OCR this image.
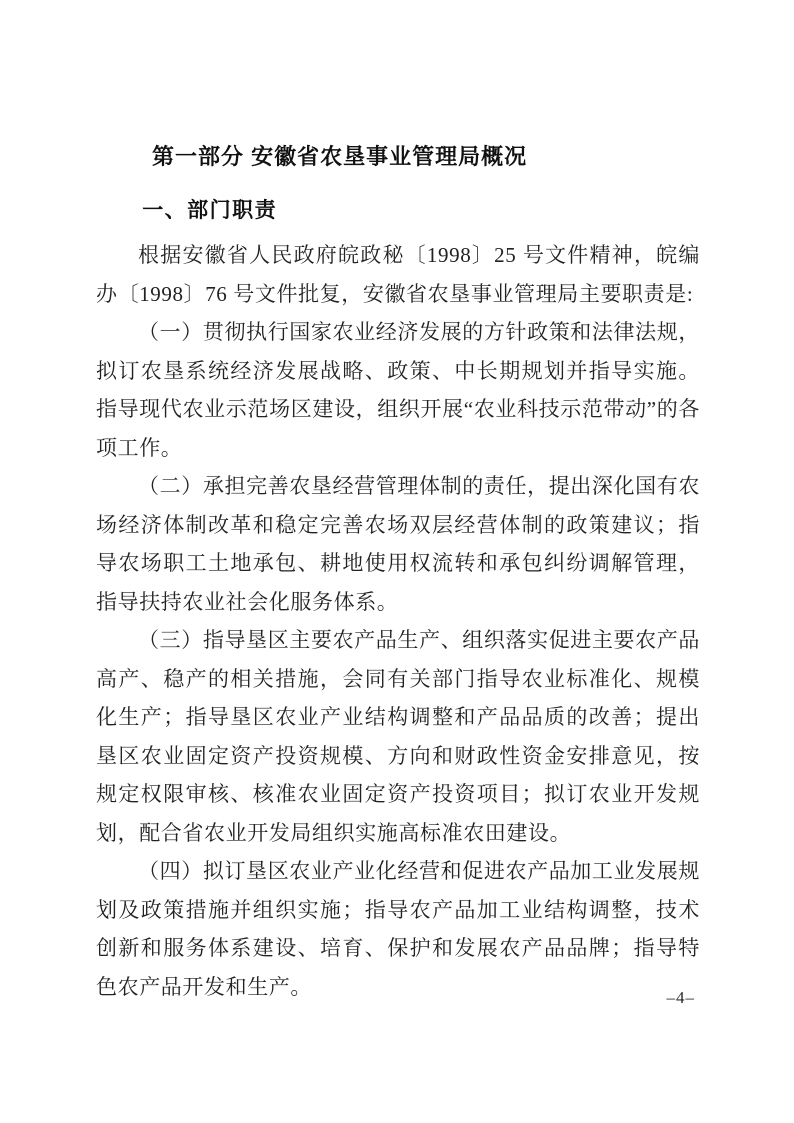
第一部分 安徽省农垦事业管理局概况
一、部门职责

根据安徽省人民政府皖政秘〔1998〕25 号文件精神，皖编办〔1998〕76 号文件批复，安徽省农垦事业管理局主要职责是:

（一）贯彻执行国家农业经济发展的方针政策和法律法规，拟订农垦系统经济发展战略、政策、中长期规划并指导实施。指导现代农业示范场区建设，组织开展“农业科技示范带动”的各项工作。

（二）承担完善农垦经营管理体制的责任，提出深化国有农场经济体制改革和稳定完善农场双层经营体制的政策建议；指导农场职工土地承包、耕地使用权流转和承包纠纷调解管理，指导扶持农业社会化服务体系。

（三）指导垦区主要农产品生产、组织落实促进主要农产品高产、稳产的相关措施，会同有关部门指导农业标准化、规模化生产；指导垦区农业产业结构调整和产品品质的改善；提出垦区农业固定资产投资规模、方向和财政性资金安排意见，按规定权限审核、核准农业固定资产投资项目；拟订农业开发规划，配合省农业开发局组织实施高标准农田建设。

（四）拟订垦区农业产业化经营和促进农产品加工业发展规划及政策措施并组织实施；指导农产品加工业结构调整，技术创新和服务体系建设、培育、保护和发展农产品品牌；指导特色农产品开发和生产。	–4–
